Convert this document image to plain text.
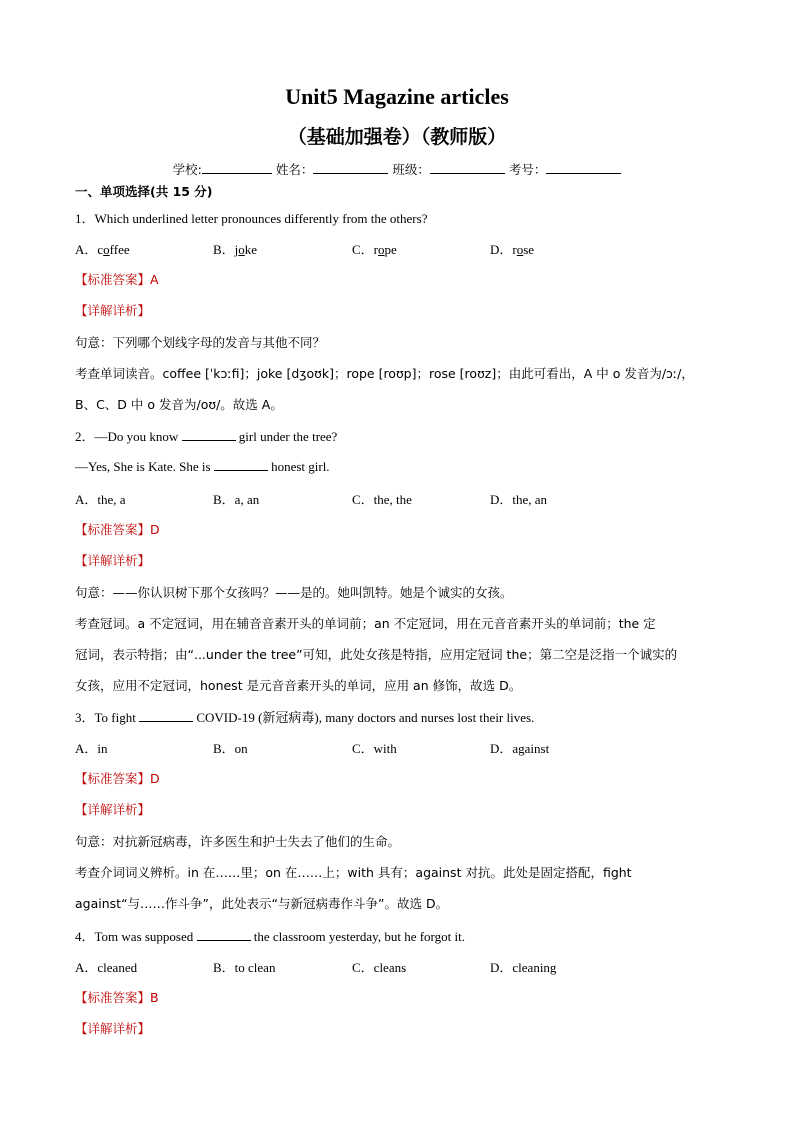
Unit5 Magazine articles
（基础加强卷）（教师版）
学校:	姓名：	班级：	考号：
一、单项选择(共 15 分)
1．Which underlined letter pronounces differently from the others?
A．coffee	B．joke	C．rope	D．rose
【标准答案】A
【详解详析】
句意：下列哪个划线字母的发音与其他不同？
考查单词读音。coffee [ˈkɔːfi]；joke [dʒoʊk]；rope [roʊp]；rose [roʊz]；由此可看出，A 中 o 发音为/ɔː/，
B、C、D 中 o 发音为/oʊ/。故选 A。
2．—Do you know	girl under the tree?
—Yes, She is Kate. She is	honest girl.
A．the, a	B．a, an	C．the, the	D．the, an
【标准答案】D
【详解详析】
句意：——你认识树下那个女孩吗？——是的。她叫凯特。她是个诚实的女孩。
考查冠词。a 不定冠词，用在辅音音素开头的单词前；an 不定冠词，用在元音音素开头的单词前；the 定
冠词，表示特指；由“...under the tree”可知，此处女孩是特指，应用定冠词 the；第二空是泛指一个诚实的
女孩，应用不定冠词，honest 是元音音素开头的单词，应用 an 修饰，故选 D。
3．To fight	COVID-19 (新冠病毒), many doctors and nurses lost their lives.
A．in	B．on	C．with	D．against
【标准答案】D
【详解详析】
句意：对抗新冠病毒，许多医生和护士失去了他们的生命。
考查介词词义辨析。in 在……里；on 在……上；with 具有；against 对抗。此处是固定搭配，fight
against“与……作斗争”，此处表示“与新冠病毒作斗争”。故选 D。
4．Tom was supposed	the classroom yesterday, but he forgot it.
A．cleaned	B．to clean	C．cleans	D．cleaning
【标准答案】B
【详解详析】
